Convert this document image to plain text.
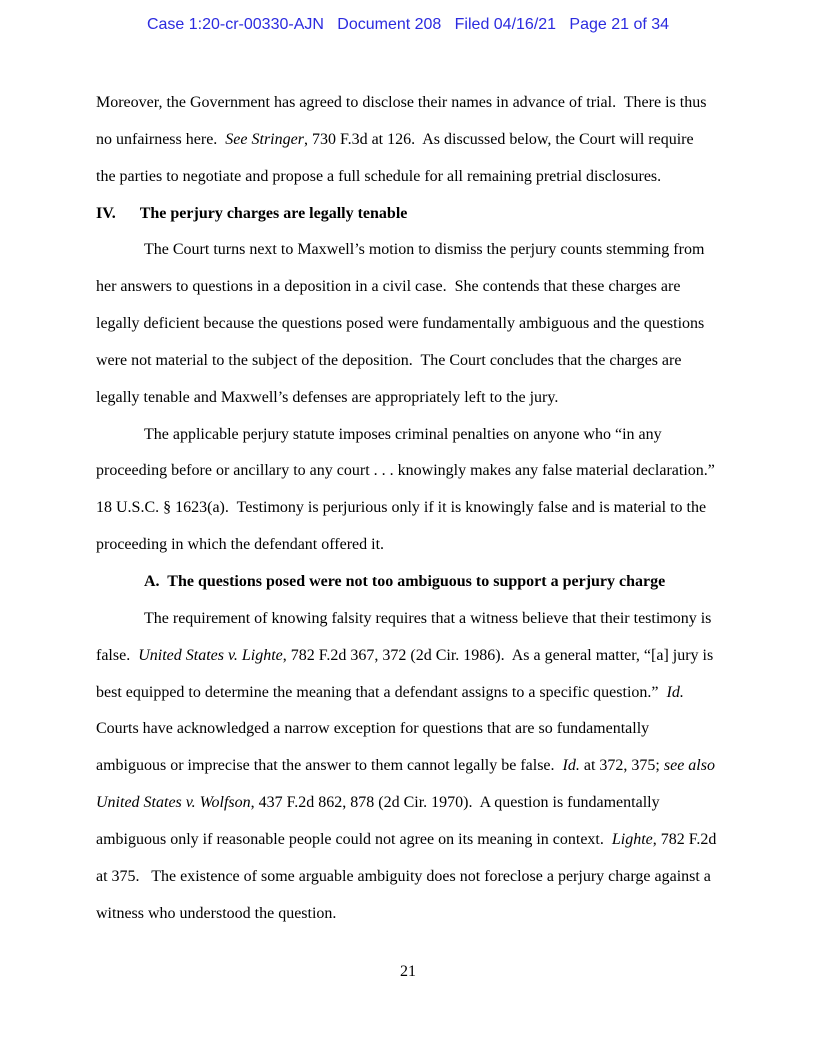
Case 1:20-cr-00330-AJN   Document 208   Filed 04/16/21   Page 21 of 34
Moreover, the Government has agreed to disclose their names in advance of trial.  There is thus
no unfairness here.  See Stringer, 730 F.3d at 126.  As discussed below, the Court will require
the parties to negotiate and propose a full schedule for all remaining pretrial disclosures.
IV. The perjury charges are legally tenable
The Court turns next to Maxwell’s motion to dismiss the perjury counts stemming from
her answers to questions in a deposition in a civil case.  She contends that these charges are
legally deficient because the questions posed were fundamentally ambiguous and the questions
were not material to the subject of the deposition.  The Court concludes that the charges are
legally tenable and Maxwell’s defenses are appropriately left to the jury.
The applicable perjury statute imposes criminal penalties on anyone who “in any
proceeding before or ancillary to any court . . . knowingly makes any false material declaration.”
18 U.S.C. § 1623(a).  Testimony is perjurious only if it is knowingly false and is material to the
proceeding in which the defendant offered it.
A.  The questions posed were not too ambiguous to support a perjury charge
The requirement of knowing falsity requires that a witness believe that their testimony is
false.  United States v. Lighte, 782 F.2d 367, 372 (2d Cir. 1986).  As a general matter, “[a] jury is
best equipped to determine the meaning that a defendant assigns to a specific question.”  Id.
Courts have acknowledged a narrow exception for questions that are so fundamentally
ambiguous or imprecise that the answer to them cannot legally be false.  Id. at 372, 375; see also
United States v. Wolfson, 437 F.2d 862, 878 (2d Cir. 1970).  A question is fundamentally
ambiguous only if reasonable people could not agree on its meaning in context.  Lighte, 782 F.2d
at 375.   The existence of some arguable ambiguity does not foreclose a perjury charge against a
witness who understood the question.
21
